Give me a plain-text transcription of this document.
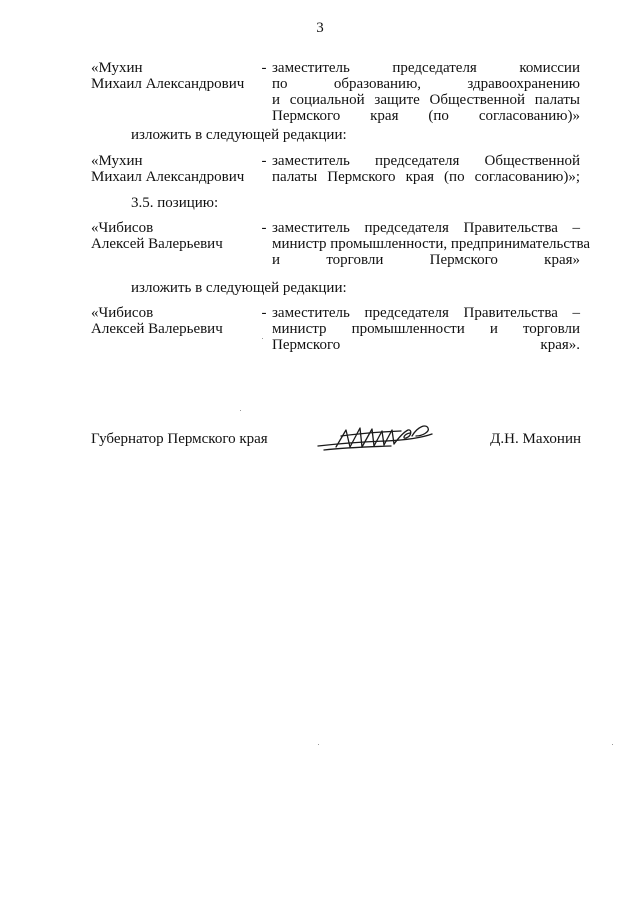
3
«Мухин
Михаил Александрович
- заместитель	председателя	комиссии
по	образованию,	здравоохранению
и социальной защите Общественной палаты
Пермского края (по согласованию)»
изложить в следующей редакции:
«Мухин
Михаил Александрович
- заместитель председателя Общественной
палаты Пермского края (по согласованию)»;
3.5. позицию:
«Чибисов
Алексей Валерьевич
- заместитель председателя Правительства –
министр промышленности, предпринимательства
и торговли Пермского края»
изложить в следующей редакции:
«Чибисов
Алексей Валерьевич
- заместитель председателя Правительства –
министр промышленности и торговли
Пермского края».
Губернатор Пермского края	Д.Н. Махонин
